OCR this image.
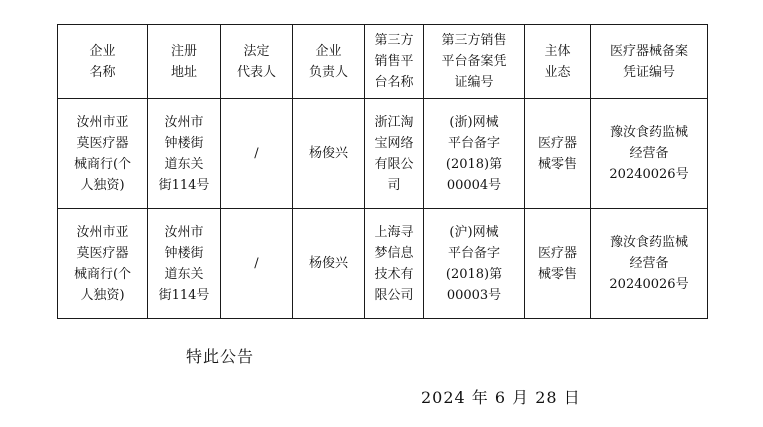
企业
名称	注册
地址	法定
代表人	企业
负责人	第三方
销售平
台名称	第三方销售
平台备案凭
证编号	主体
业态	医疗器械备案
凭证编号
汝州市亚
莫医疗器
械商行(个
人独资)	汝州市
钟楼街
道东关
街114号	/	杨俊兴	浙江淘
宝网络
有限公
司	(浙)网械
平台备字
(2018)第
00004号	医疗器
械零售	豫汝食药监械
经营备
20240026号
汝州市亚
莫医疗器
械商行(个
人独资)	汝州市
钟楼街
道东关
街114号	/	杨俊兴	上海寻
梦信息
技术有
限公司	(沪)网械
平台备字
(2018)第
00003号	医疗器
械零售	豫汝食药监械
经营备
20240026号
特此公告
2024 年 6 月 28 日
